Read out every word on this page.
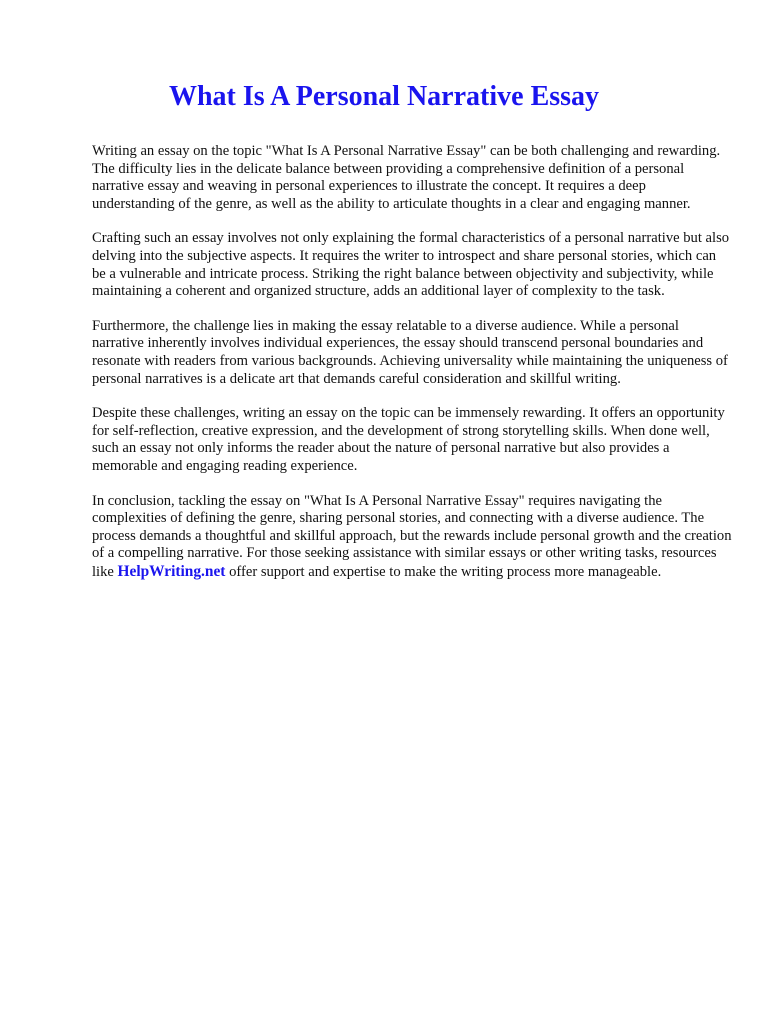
What Is A Personal Narrative Essay

Writing an essay on the topic "What Is A Personal Narrative Essay" can be both challenging and rewarding. The difficulty lies in the delicate balance between providing a comprehensive definition of a personal narrative essay and weaving in personal experiences to illustrate the concept. It requires a deep understanding of the genre, as well as the ability to articulate thoughts in a clear and engaging manner.

Crafting such an essay involves not only explaining the formal characteristics of a personal narrative but also delving into the subjective aspects. It requires the writer to introspect and share personal stories, which can be a vulnerable and intricate process. Striking the right balance between objectivity and subjectivity, while maintaining a coherent and organized structure, adds an additional layer of complexity to the task.

Furthermore, the challenge lies in making the essay relatable to a diverse audience. While a personal narrative inherently involves individual experiences, the essay should transcend personal boundaries and resonate with readers from various backgrounds. Achieving universality while maintaining the uniqueness of personal narratives is a delicate art that demands careful consideration and skillful writing.

Despite these challenges, writing an essay on the topic can be immensely rewarding. It offers an opportunity for self-reflection, creative expression, and the development of strong storytelling skills. When done well, such an essay not only informs the reader about the nature of personal narrative but also provides a memorable and engaging reading experience.

In conclusion, tackling the essay on "What Is A Personal Narrative Essay" requires navigating the complexities of defining the genre, sharing personal stories, and connecting with a diverse audience. The process demands a thoughtful and skillful approach, but the rewards include personal growth and the creation of a compelling narrative. For those seeking assistance with similar essays or other writing tasks, resources like HelpWriting.net offer support and expertise to make the writing process more manageable.
